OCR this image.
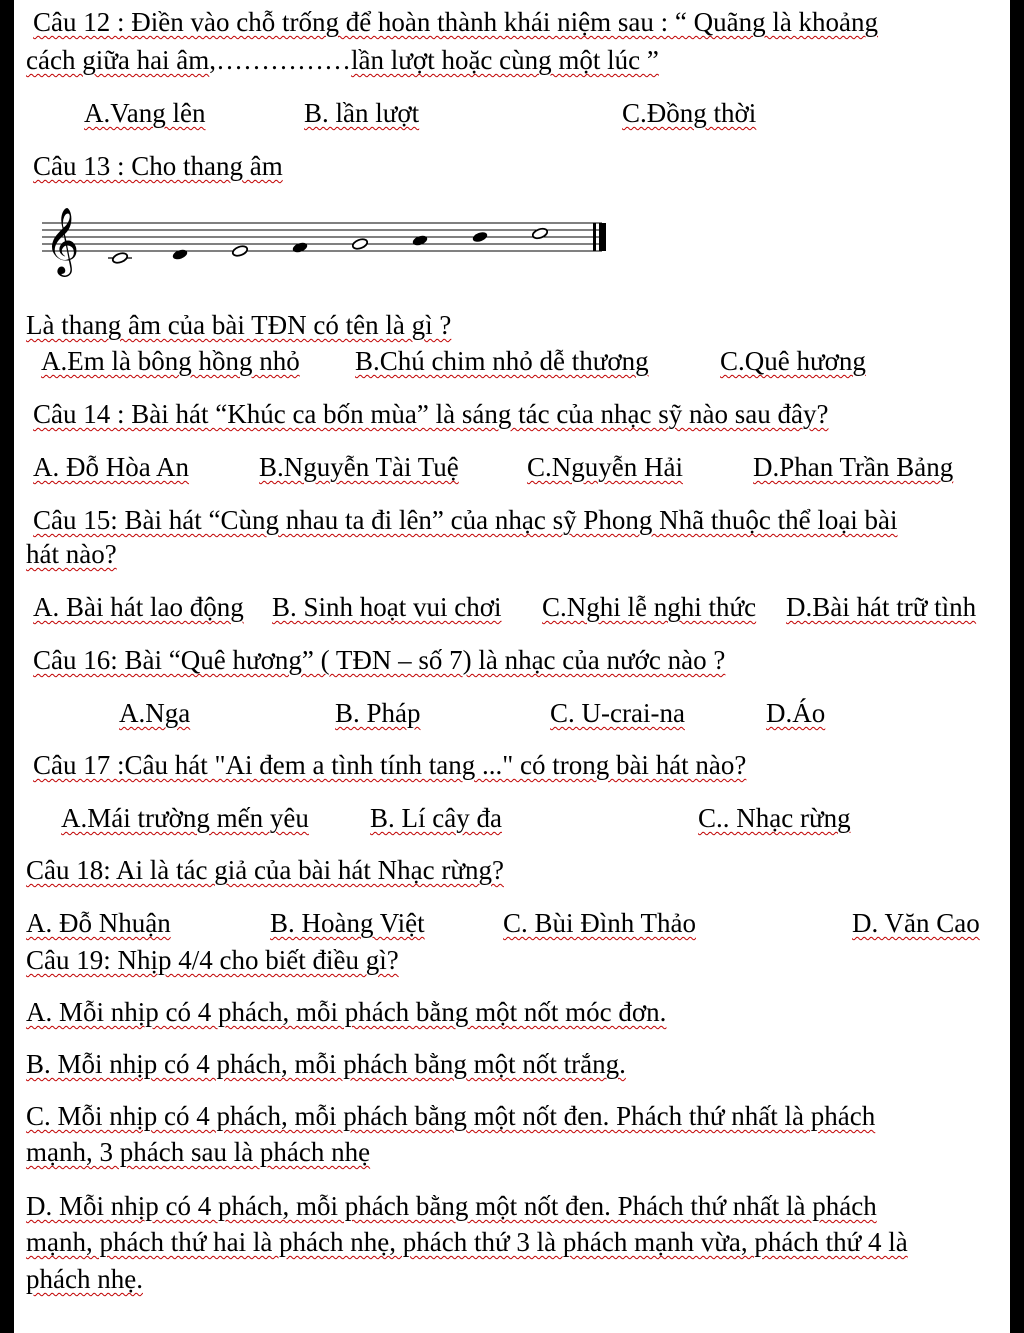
Câu 12 : Điền vào chỗ trống để hoàn thành khái niệm sau : “ Quãng là khoảng
cách giữa hai âm,……………lần lượt hoặc cùng một lúc ”
A.Vang lên	B. lần lượt	C.Đồng thời
Câu 13 : Cho thang âm
𝄞
Là thang âm của bài TĐN có tên là gì ?
A.Em là bông hồng nhỏ B.Chú chim nhỏ dễ thương	C.Quê hương
Câu 14 : Bài hát “Khúc ca bốn mùa” là sáng tác của nhạc sỹ nào sau đây?
A. Đỗ Hòa An	B.Nguyễn Tài Tuệ	C.Nguyễn Hải	D.Phan Trần Bảng
Câu 15: Bài hát “Cùng nhau ta đi lên” của nhạc sỹ Phong Nhã thuộc thể loại bài
hát nào?
A. Bài hát lao động B. Sinh hoạt vui chơi C.Nghi lễ nghi thức D.Bài hát trữ tình
Câu 16: Bài “Quê hương” ( TĐN – số 7) là nhạc của nước nào ?
A.Nga	B. Pháp	C. U-crai-na	D.Áo
Câu 17 :Câu hát "Ai đem a tình tính tang ..." có trong bài hát nào?
A.Mái trường mến yêu B. Lí cây đa	C.. Nhạc rừng
Câu 18: Ai là tác giả của bài hát Nhạc rừng?
A. Đỗ Nhuận	B. Hoàng Việt	C. Bùi Đình Thảo	D. Văn Cao
Câu 19: Nhịp 4/4 cho biết điều gì?
A. Mỗi nhịp có 4 phách, mỗi phách bằng một nốt móc đơn.
B. Mỗi nhịp có 4 phách, mỗi phách bằng một nốt trắng.
C. Mỗi nhịp có 4 phách, mỗi phách bằng một nốt đen. Phách thứ nhất là phách
mạnh, 3 phách sau là phách nhẹ
D. Mỗi nhịp có 4 phách, mỗi phách bằng một nốt đen. Phách thứ nhất là phách
mạnh, phách thứ hai là phách nhẹ, phách thứ 3 là phách mạnh vừa, phách thứ 4 là
phách nhẹ.
